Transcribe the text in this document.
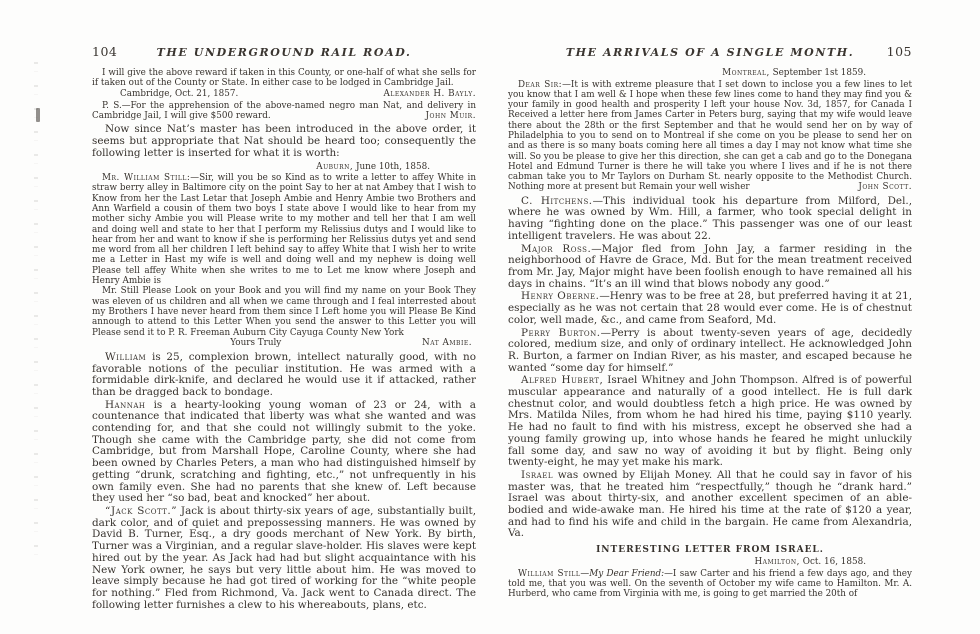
104	THE UNDERGROUND RAIL ROAD.

I will give the above reward if taken in this County, or one-half of what she sells for if taken out of the County or State. In either case to be lodged in Cambridge Jail.

Cambridge, Oct. 21, 1857.	Alexander H. Bayly.

P. S.—For the apprehension of the above-named negro man Nat, and delivery in Cambridge Jail, I will give $500 reward.	John Muir.

Now since Nat’s master has been introduced in the above order, it seems but appropriate that Nat should be heard too; consequently the following letter is inserted for what it is worth:

Auburn, June 10th, 1858.

Mr. William Still:—Sir, will you be so Kind as to write a letter to affey White in straw berry alley in Baltimore city on the point Say to her at nat Ambey that I wish to Know from her the Last Letar that Joseph Ambie and Henry Ambie two Brothers and Ann Warfield a cousin of them two boys I state above I would like to hear from my mother sichy Ambie you will Please write to my mother and tell her that I am well and doing well and state to her that I perform my Relissius dutys and I would like to hear from her and want to know if she is performing her Relissius dutys yet and send me word from all her children I left behind say to affey White that I wish her to write me a Letter in Hast my wife is well and doing well and my nephew is doing well Please tell affey White when she writes to me to Let me know where Joseph and Henry Ambie is

Mr. Still Please Look on your Book and you will find my name on your Book They was eleven of us children and all when we came through and I feal interrested about my Brothers I have never heard from them since I Left home you will Please Be Kind annough to attend to this Letter When you send the answer to this Letter you will Please send it to P. R. Freeman Auburn City Cayuga County New York

Yours Truly	Nat Ambie.

William is 25, complexion brown, intellect naturally good, with no favorable notions of the peculiar institution. He was armed with a formidable dirk-knife, and declared he would use it if attacked, rather than be dragged back to bondage.

Hannah is a hearty-looking young woman of 23 or 24, with a countenance that indicated that liberty was what she wanted and was contending for, and that she could not willingly submit to the yoke. Though she came with the Cambridge party, she did not come from Cambridge, but from Marshall Hope, Caroline County, where she had been owned by Charles Peters, a man who had distinguished himself by getting “drunk, scratching and fighting, etc.,” not unfrequently in his own family even. She had no parents that she knew of. Left because they used her “so bad, beat and knocked” her about.

“Jack Scott.” Jack is about thirty-six years of age, substantially built, dark color, and of quiet and prepossessing manners. He was owned by David B. Turner, Esq., a dry goods merchant of New York. By birth, Turner was a Virginian, and a regular slave-holder. His slaves were kept hired out by the year. As Jack had had but slight acquaintance with his New York owner, he says but very little about him. He was moved to leave simply because he had got tired of working for the “white people for nothing.” Fled from Richmond, Va. Jack went to Canada direct. The following letter furnishes a clew to his whereabouts, plans, etc.

THE ARRIVALS OF A SINGLE MONTH.	105
Montreal, September 1st 1859.

Dear Sir:—It is with extreme pleasure that I set down to inclose you a few lines to let you know that I am well & I hope when these few lines come to hand they may find you & your family in good health and prosperity I left your house Nov. 3d, 1857, for Canada I Received a letter here from James Carter in Peters burg, saying that my wife would leave there about the 28th or the first September and that he would send her on by way of Philadelphia to you to send on to Montreal if she come on you be please to send her on and as there is so many boats coming here all times a day I may not know what time she will. So you be please to give her this direction, she can get a cab and go to the Donegana Hotel and Edmund Turner is there he will take you where I lives and if he is not there cabman take you to Mr Taylors on Durham St. nearly opposite to the Methodist Church. Nothing more at present but Remain your well wisher	John Scott.

C. Hitchens.—This individual took his departure from Milford, Del., where he was owned by Wm. Hill, a farmer, who took special delight in having “fighting done on the place.” This passenger was one of our least intelligent travelers. He was about 22.

Major Ross.—Major fled from John Jay, a farmer residing in the neighborhood of Havre de Grace, Md. But for the mean treatment received from Mr. Jay, Major might have been foolish enough to have remained all his days in chains. “It’s an ill wind that blows nobody any good.”

Henry Oberne.—Henry was to be free at 28, but preferred having it at 21, especially as he was not certain that 28 would ever come. He is of chestnut color, well made, &c., and came from Seaford, Md.

Perry Burton.—Perry is about twenty-seven years of age, decidedly colored, medium size, and only of ordinary intellect. He acknowledged John R. Burton, a farmer on Indian River, as his master, and escaped because he wanted “some day for himself.”

Alfred Hubert, Israel Whitney and John Thompson. Alfred is of powerful muscular appearance and naturally of a good intellect. He is full dark chestnut color, and would doubtless fetch a high price. He was owned by Mrs. Matilda Niles, from whom he had hired his time, paying $110 yearly. He had no fault to find with his mistress, except he observed she had a young family growing up, into whose hands he feared he might unluckily fall some day, and saw no way of avoiding it but by flight. Being only twenty-eight, he may yet make his mark.

Israel was owned by Elijah Money. All that he could say in favor of his master was, that he treated him “respectfully,” though he “drank hard.” Israel was about thirty-six, and another excellent specimen of an able-bodied and wide-awake man. He hired his time at the rate of $120 a year, and had to find his wife and child in the bargain. He came from Alexandria, Va.

INTERESTING LETTER FROM ISRAEL.
Hamilton, Oct. 16, 1858.

William Still—My Dear Friend:—I saw Carter and his friend a few days ago, and they told me, that you was well. On the seventh of October my wife came to Hamilton. Mr. A. Hurberd, who came from Virginia with me, is going to get married the 20th of
